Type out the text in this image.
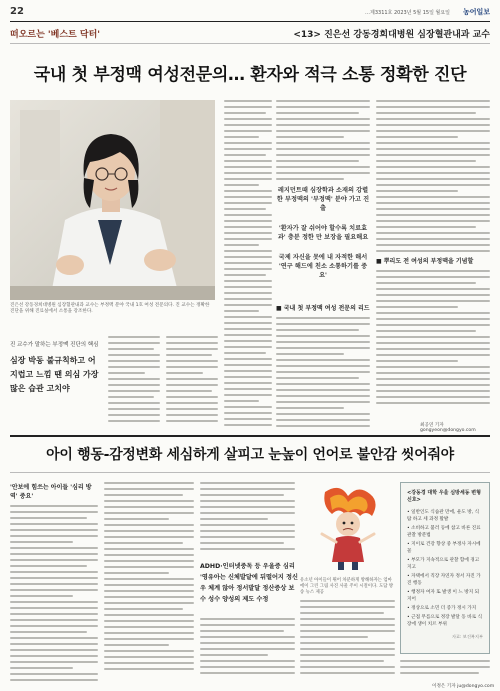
22	…제3311호 2023년 5월 15일 월요일 농어일보
떠오르는 '베스트 닥터'	<13> 진은선 강동경희대병원 심장혈관내과 교수
국내 첫 부정맥 여성전문의… 환자와 적극 소통 정확한 진단
진은선 강동경희대병원 심장혈관내과 교수는 부정맥 분야 국내 1호 여성 전문의다. 진 교수는 정확한 진단을 위해 진료실에서 소통을 강조한다.
레지던트때 심장학과 소재의 강렬한 부정맥의 '부정맥' 분야 가고 진출
'환자가 잘 쉬어야 할수록 치료효과' 충분 정한 만 보장을 필요해요
국제 자신을 못에 내 자적한 해서 '연구 해드에 친소 소통하기를 중요'
■ 국내 첫 부정맥 여성 전문의 리드
■ 뿌리도 전 여성의 부정맥을 기념할
최공연 기자 gongyeon@dongyo.com
진 교수가 말하는 부정맥 진단의 핵심
심장 박동 불규칙하고 어지럽고 느낌 땐 의심 가장 많은 습관 고치야
아이 행동-감정변화 세심하게 살피고 눈높이 언어로 불안감 씻어줘야
'안보에 힘쓰는 아이들 '심리 방역' 중요'
ADHD·인터넷중독 등 우울증 심리 '영유아는 신체발달에 뒤떨어지 정신우 체계 않아 정서발달 정산증상 보수 성수 양성의 제도 수정
유소년 아이들이 뛰어 차분하게 방해하자는 엄마 에이 그린 그림 사진 사물 주이 시절이다. 도담 방송 뉴스 제공
<강동경 대학 우울 심방세동 변형 신호>
• 일반인도 식습관 만에, 운도 방, 식탐 하고 세 과정 활발
• 소비하고 불러 등에 참고 바른 진료 관찰 방분법
• 지이로 건강 향상 중 부정사 자시에 꼴
• 부모가 지속적으로 관찰 함에 경고 지고
• 자택에서 직장 자연자 정서 자진 가진 행동
• 행정자 여자 또 발생 이 느 방지 되 지어
• 정상으로 소민 더 증가 정시 가지
• 근접 무를으로 정장 발달 동 바로 식장에 생이 치르 부위
자료: 보건복지부
이정은 기자 ju@dongyo.com
